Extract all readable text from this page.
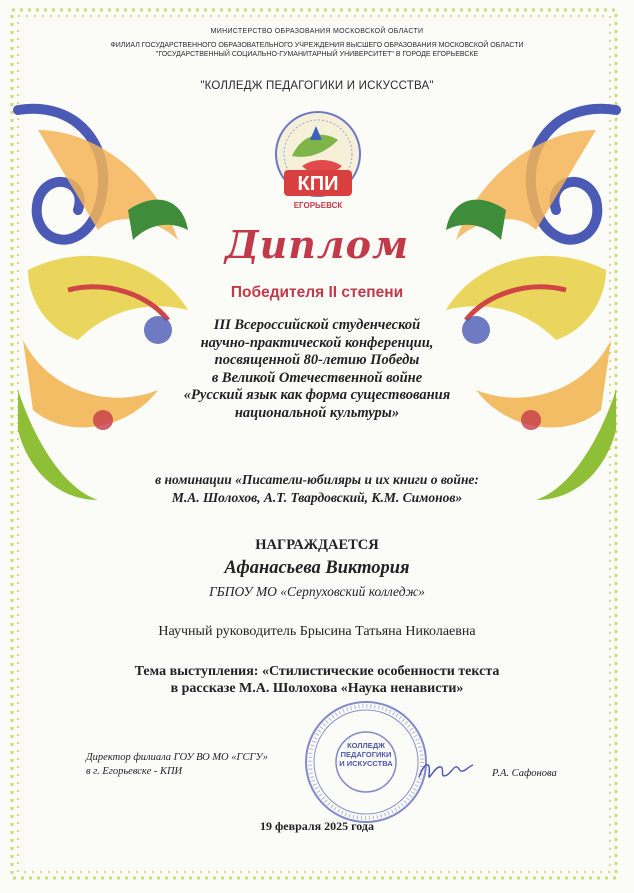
МИНИСТЕРСТВО ОБРАЗОВАНИЯ МОСКОВСКОЙ ОБЛАСТИ
ФИЛИАЛ ГОСУДАРСТВЕННОГО ОБРАЗОВАТЕЛЬНОГО УЧРЕЖДЕНИЯ ВЫСШЕГО ОБРАЗОВАНИЯ МОСКОВСКОЙ ОБЛАСТИ
"ГОСУДАРСТВЕННЫЙ СОЦИАЛЬНО-ГУМАНИТАРНЫЙ УНИВЕРСИТЕТ" В ГОРОДЕ ЕГОРЬЕВСКЕ
"КОЛЛЕДЖ ПЕДАГОГИКИ И ИСКУССТВА"
КПИ
ЕГОРЬЕВСК
Диплом
Победителя II степени
III Всероссийской студенческой
научно-практической конференции,
посвященной 80-летию Победы
в Великой Отечественной войне
«Русский язык как форма существования
национальной культуры»
в номинации «Писатели-юбиляры и их книги о войне:
М.А. Шолохов, А.Т. Твардовский, К.М. Симонов»
НАГРАЖДАЕТСЯ
Афанасьева Виктория
ГБПОУ МО «Серпуховский колледж»
Научный руководитель Брысина Татьяна Николаевна
Тема выступления: «Стилистические особенности текста
в рассказе М.А. Шолохова «Наука ненависти»
КОЛЛЕДЖ ПЕДАГОГИКИ И ИСКУССТВА
Директор филиала ГОУ ВО МО «ГСГУ»
в г. Егорьевске - КПИ	Р.А. Сафонова
19 февраля 2025 года
